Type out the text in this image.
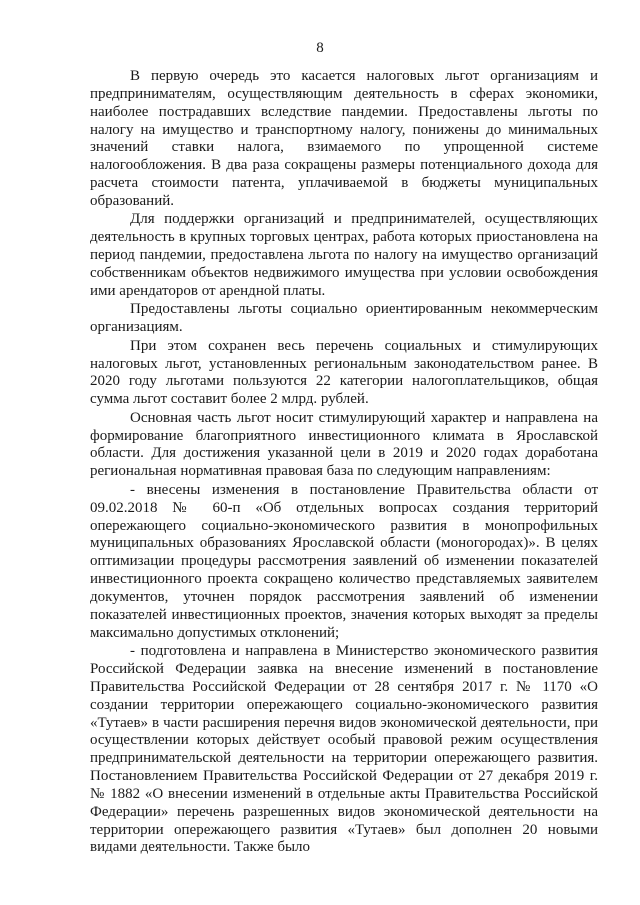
8

В первую очередь это касается налоговых льгот организациям и предпринимателям, осуществляющим деятельность в сферах экономики, наиболее пострадавших вследствие пандемии. Предоставлены льготы по налогу на имущество и транспортному налогу, понижены до минимальных значений ставки налога, взимаемого по упрощенной системе налогообложения. В два раза сокращены размеры потенциального дохода для расчета стоимости патента, уплачиваемой в бюджеты муниципальных образований.

Для поддержки организаций и предпринимателей, осуществляющих деятельность в крупных торговых центрах, работа которых приостановлена на период пандемии, предоставлена льгота по налогу на имущество организаций собственникам объектов недвижимого имущества при условии освобождения ими арендаторов от арендной платы.

Предоставлены льготы социально ориентированным некоммерческим организациям.

При этом сохранен весь перечень социальных и стимулирующих налоговых льгот, установленных региональным законодательством ранее. В 2020 году льготами пользуются 22 категории налогоплательщиков, общая сумма льгот составит более 2 млрд. рублей.

Основная часть льгот носит стимулирующий характер и направлена на формирование благоприятного инвестиционного климата в Ярославской области. Для достижения указанной цели в 2019 и 2020 годах доработана региональная нормативная правовая база по следующим направлениям:

- внесены изменения в постановление Правительства области от 09.02.2018 № 60-п «Об отдельных вопросах создания территорий опережающего социально-экономического развития в монопрофильных муниципальных образованиях Ярославской области (моногородах)». В целях оптимизации процедуры рассмотрения заявлений об изменении показателей инвестиционного проекта сокращено количество представляемых заявителем документов, уточнен порядок рассмотрения заявлений об изменении показателей инвестиционных проектов, значения которых выходят за пределы максимально допустимых отклонений;

- подготовлена и направлена в Министерство экономического развития Российской Федерации заявка на внесение изменений в постановление Правительства Российской Федерации от 28 сентября 2017 г. № 1170 «О создании территории опережающего социально-экономического развития «Тутаев» в части расширения перечня видов экономической деятельности, при осуществлении которых действует особый правовой режим осуществления предпринимательской деятельности на территории опережающего развития. Постановлением Правительства Российской Федерации от 27 декабря 2019 г. № 1882 «О внесении изменений в отдельные акты Правительства Российской Федерации» перечень разрешенных видов экономической деятельности на территории опережающего развития «Тутаев» был дополнен 20 новыми видами деятельности. Также было
